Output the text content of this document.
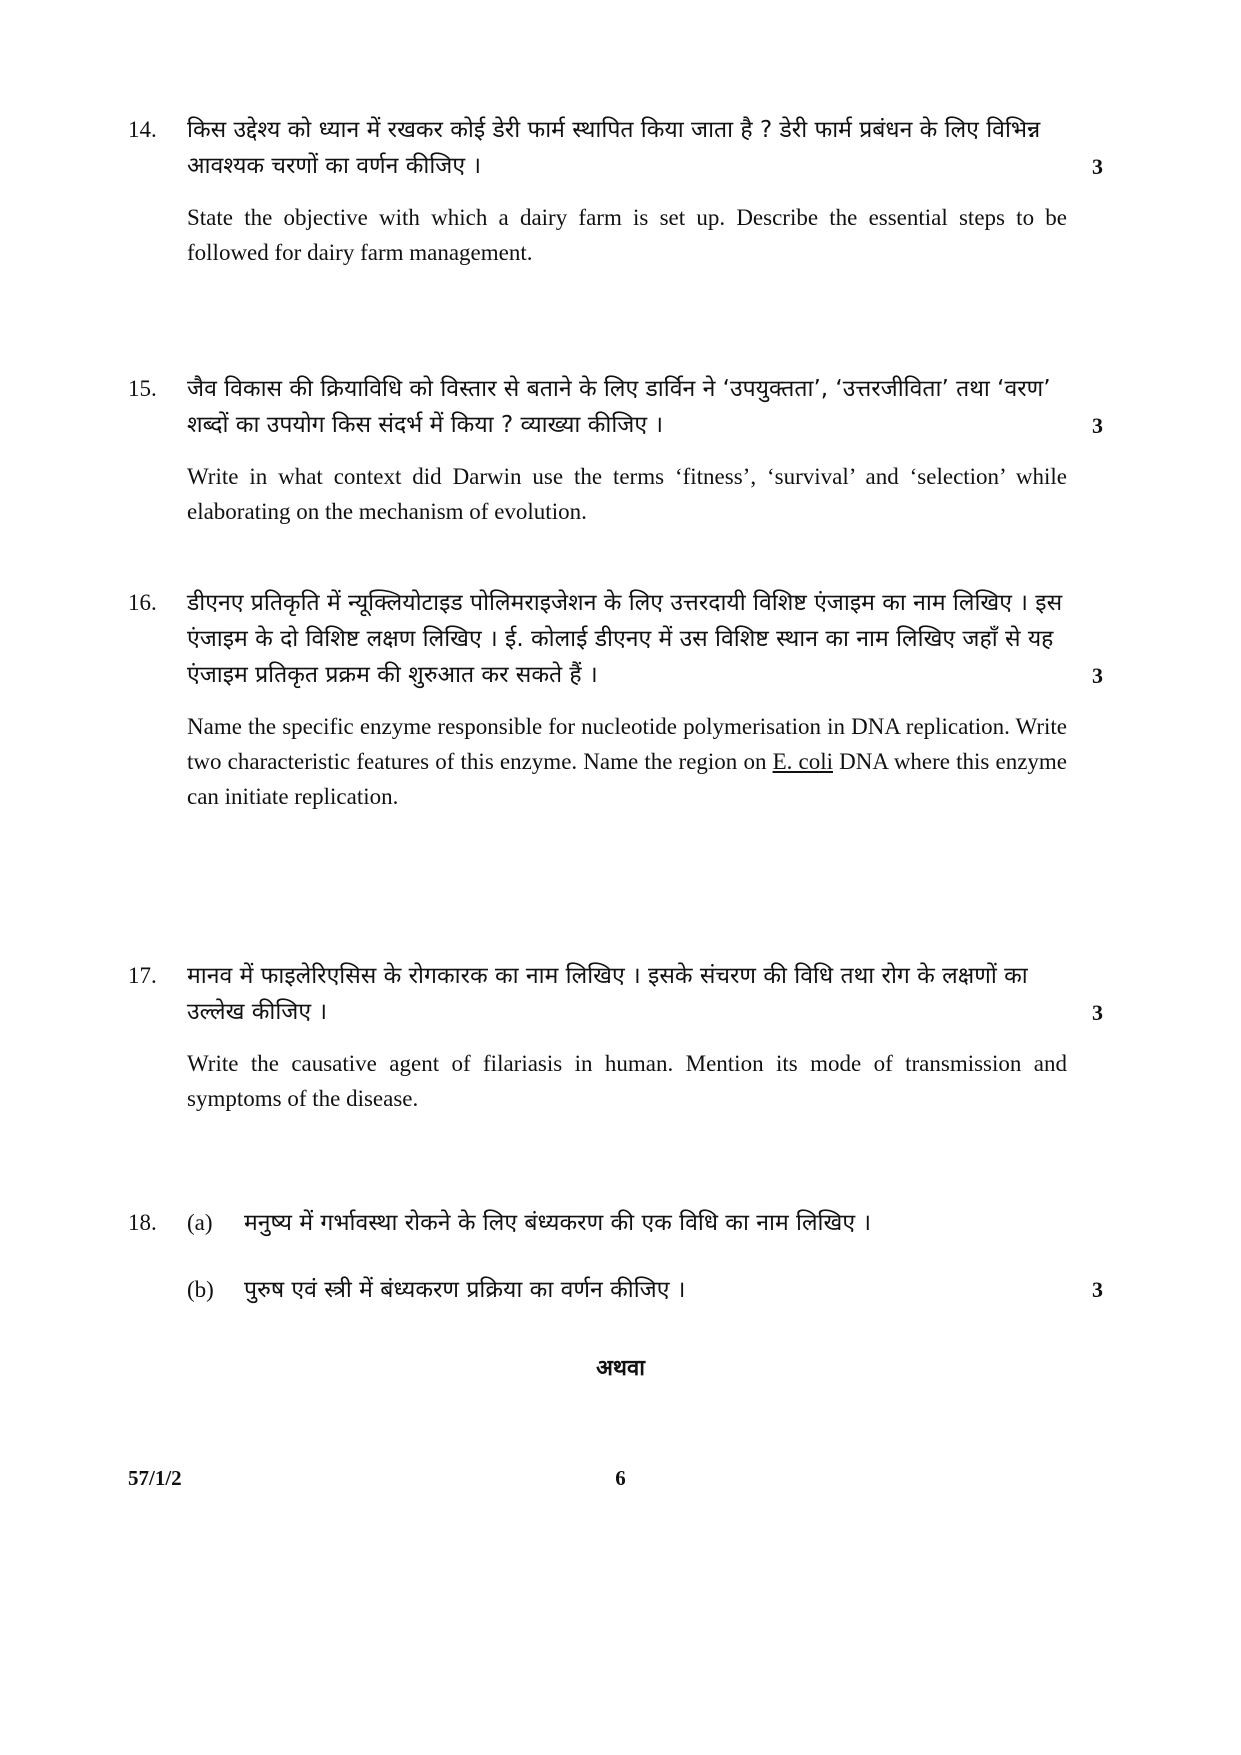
14. किस उद्देश्य को ध्यान में रखकर कोई डेरी फार्म स्थापित किया जाता है ? डेरी फार्म प्रबंधन के लिए विभिन्न आवश्यक चरणों का वर्णन कीजिए ।	3
State the objective with which a dairy farm is set up. Describe the essential steps to be followed for dairy farm management.
15. जैव विकास की क्रियाविधि को विस्तार से बताने के लिए डार्विन ने ‘उपयुक्तता’, ‘उत्तरजीविता’ तथा ‘वरण’ शब्दों का उपयोग किस संदर्भ में किया ? व्याख्या कीजिए ।	3
Write in what context did Darwin use the terms ‘fitness’, ‘survival’ and ‘selection’ while elaborating on the mechanism of evolution.
16. डीएनए प्रतिकृति में न्यूक्लियोटाइड पोलिमराइजेशन के लिए उत्तरदायी विशिष्ट एंजाइम का नाम लिखिए । इस एंजाइम के दो विशिष्ट लक्षण लिखिए । ई. कोलाई डीएनए में उस विशिष्ट स्थान का नाम लिखिए जहाँ से यह एंजाइम प्रतिकृत प्रक्रम की शुरुआत कर सकते हैं ।	3
Name the specific enzyme responsible for nucleotide polymerisation in DNA replication. Write two characteristic features of this enzyme. Name the region on E. coli DNA where this enzyme can initiate replication.
17. मानव में फाइलेरिएसिस के रोगकारक का नाम लिखिए । इसके संचरण की विधि तथा रोग के लक्षणों का उल्लेख कीजिए ।	3
Write the causative agent of filariasis in human. Mention its mode of transmission and symptoms of the disease.
18. (a) मनुष्य में गर्भावस्था रोकने के लिए बंध्यकरण की एक विधि का नाम लिखिए ।
(b) पुरुष एवं स्त्री में बंध्यकरण प्रक्रिया का वर्णन कीजिए ।	3
अथवा
57/1/2	6
